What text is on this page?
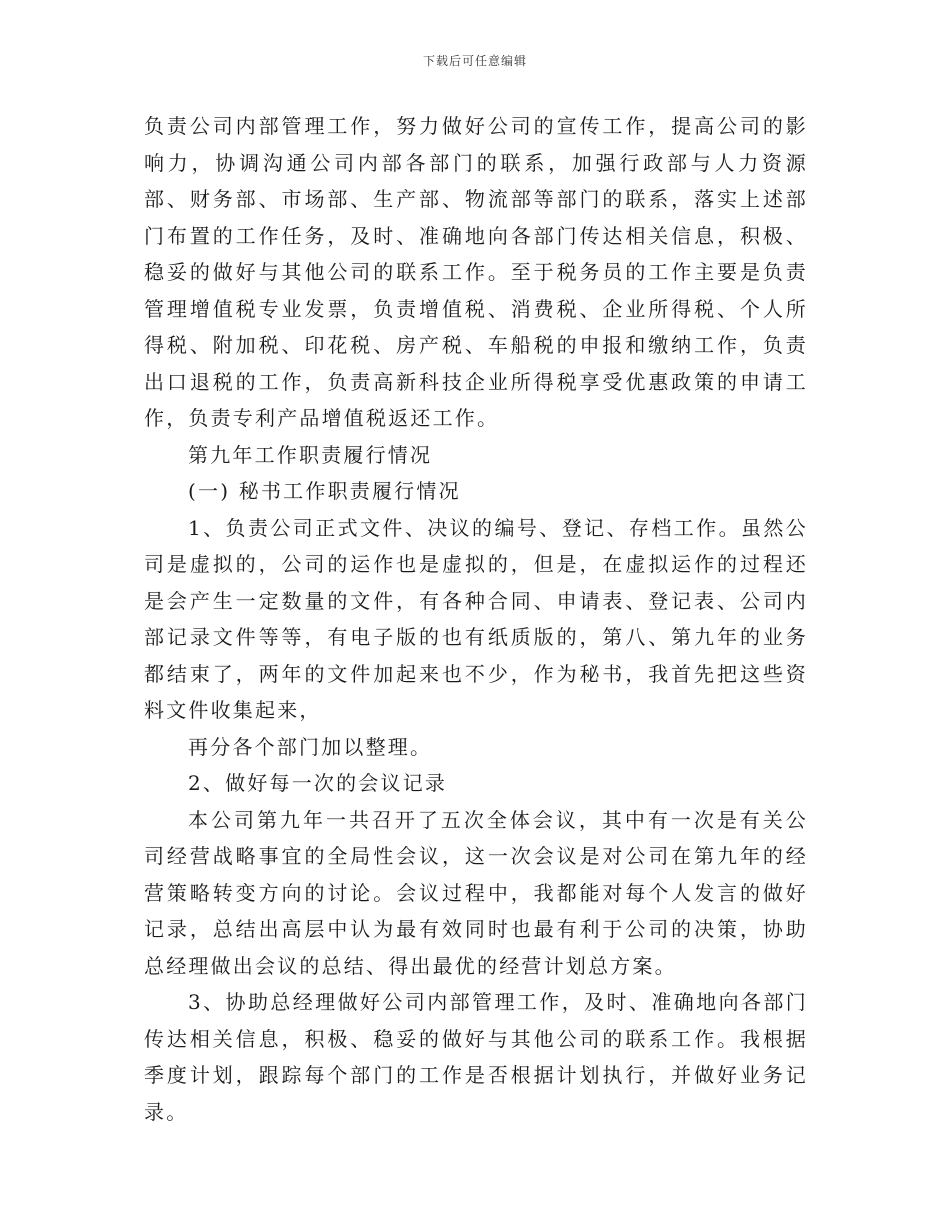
下载后可任意编辑

负责公司内部管理工作，努力做好公司的宣传工作，提高公司的影响力，协调沟通公司内部各部门的联系，加强行政部与人力资源部、财务部、市场部、生产部、物流部等部门的联系，落实上述部门布置的工作任务，及时、准确地向各部门传达相关信息，积极、稳妥的做好与其他公司的联系工作。至于税务员的工作主要是负责管理增值税专业发票，负责增值税、消费税、企业所得税、个人所得税、附加税、印花税、房产税、车船税的申报和缴纳工作，负责出口退税的工作，负责高新科技企业所得税享受优惠政策的申请工作，负责专利产品增值税返还工作。

第九年工作职责履行情况

(一) 秘书工作职责履行情况

1、负责公司正式文件、决议的编号、登记、存档工作。虽然公司是虚拟的，公司的运作也是虚拟的，但是，在虚拟运作的过程还是会产生一定数量的文件，有各种合同、申请表、登记表、公司内部记录文件等等，有电子版的也有纸质版的，第八、第九年的业务都结束了，两年的文件加起来也不少，作为秘书，我首先把这些资料文件收集起来，

再分各个部门加以整理。

2、做好每一次的会议记录

本公司第九年一共召开了五次全体会议，其中有一次是有关公司经营战略事宜的全局性会议，这一次会议是对公司在第九年的经营策略转变方向的讨论。会议过程中，我都能对每个人发言的做好记录，总结出高层中认为最有效同时也最有利于公司的决策，协助总经理做出会议的总结、得出最优的经营计划总方案。

3、协助总经理做好公司内部管理工作，及时、准确地向各部门传达相关信息，积极、稳妥的做好与其他公司的联系工作。我根据季度计划，跟踪每个部门的工作是否根据计划执行，并做好业务记录。
